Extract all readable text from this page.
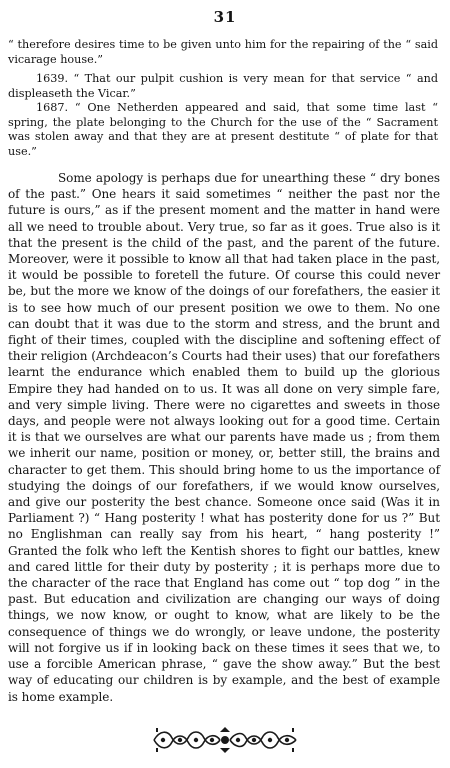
31

“ therefore desires time to be given unto him for the repairing of the “ said vicarage house.”

1639. “ That our pulpit cushion is very mean for that service “ and displeaseth the Vicar.”

1687. “ One Netherden appeared and said, that some time last “ spring, the plate belonging to the Church for the use of the “ Sacrament was stolen away and that they are at present destitute “ of plate for that use.”

Some apology is perhaps due for unearthing these “ dry bones of the past.” One hears it said sometimes “ neither the past nor the future is ours,” as if the present moment and the matter in hand were all we need to trouble about. Very true, so far as it goes. True also is it that the present is the child of the past, and the parent of the future. Moreover, were it possible to know all that had taken place in the past, it would be possible to foretell the future. Of course this could never be, but the more we know of the doings of our forefathers, the easier it is to see how much of our present position we owe to them. No one can doubt that it was due to the storm and stress, and the brunt and fight of their times, coupled with the discipline and softening effect of their religion (Archdeacon’s Courts had their uses) that our forefathers learnt the endurance which enabled them to build up the glorious Empire they had handed on to us. It was all done on very simple fare, and very simple living. There were no cigarettes and sweets in those days, and people were not always looking out for a good time. Certain it is that we ourselves are what our parents have made us ; from them we inherit our name, position or money, or, better still, the brains and character to get them. This should bring home to us the importance of studying the doings of our forefathers, if we would know ourselves, and give our posterity the best chance. Someone once said (Was it in Parliament ?) “ Hang posterity ! what has posterity done for us ?” But no Englishman can really say from his heart, “ hang posterity !” Granted the folk who left the Kentish shores to fight our battles, knew and cared little for their duty by posterity ; it is perhaps more due to the character of the race that England has come out “ top dog ” in the past. But education and civilization are changing our ways of doing things, we now know, or ought to know, what are likely to be the consequence of things we do wrongly, or leave undone, the posterity will not forgive us if in looking back on these times it sees that we, to use a forcible American phrase, “ gave the show away.” But the best way of educating our children is by example, and the best of example is home example.
